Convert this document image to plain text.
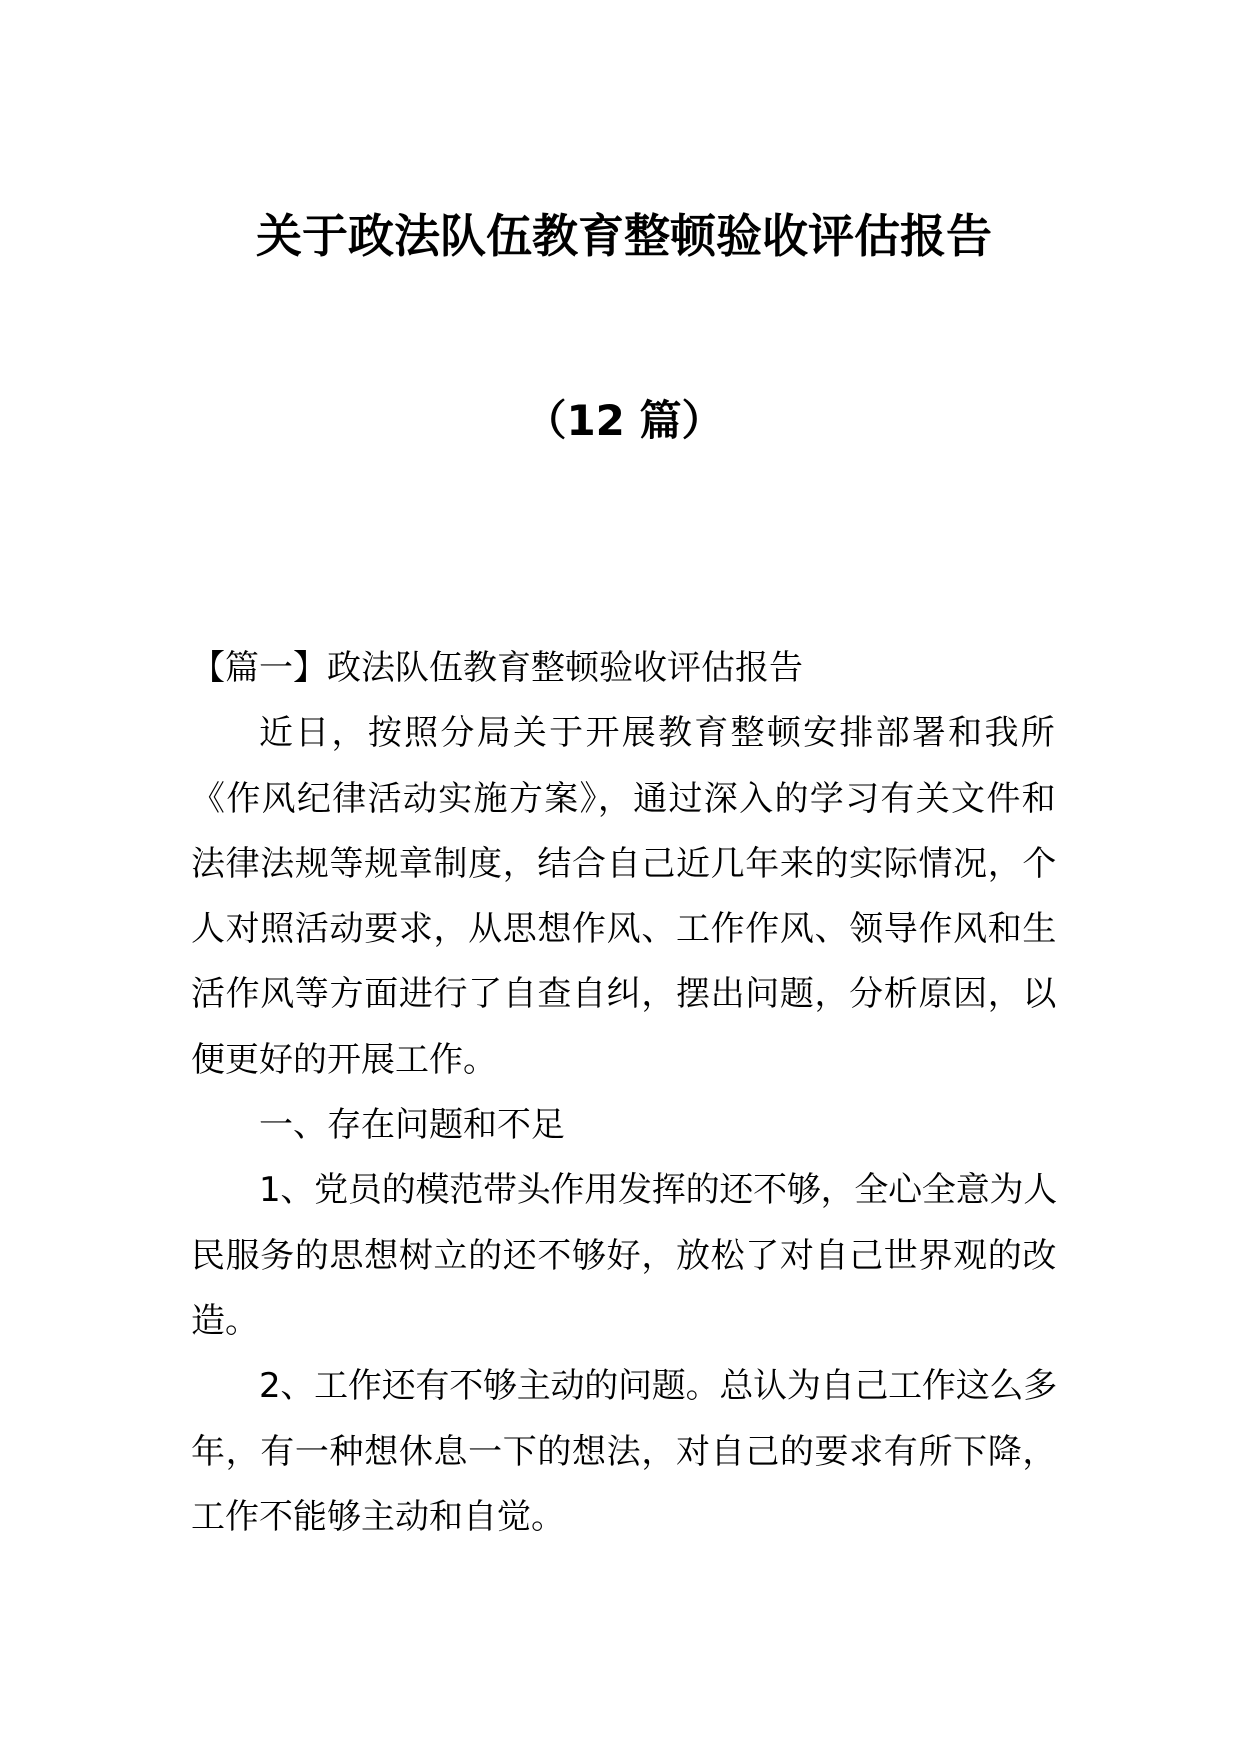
关于政法队伍教育整顿验收评估报告
（12 篇）
【篇一】政法队伍教育整顿验收评估报告
近日，按照分局关于开展教育整顿安排部署和我所
《作风纪律活动实施方案》，通过深入的学习有关文件和
法律法规等规章制度，结合自己近几年来的实际情况，个
人对照活动要求，从思想作风、工作作风、领导作风和生
活作风等方面进行了自查自纠，摆出问题，分析原因，以
便更好的开展工作。
一、存在问题和不足
1、党员的模范带头作用发挥的还不够，全心全意为人
民服务的思想树立的还不够好，放松了对自己世界观的改
造。
2、工作还有不够主动的问题。总认为自己工作这么多
年，有一种想休息一下的想法，对自己的要求有所下降，
工作不能够主动和自觉。
